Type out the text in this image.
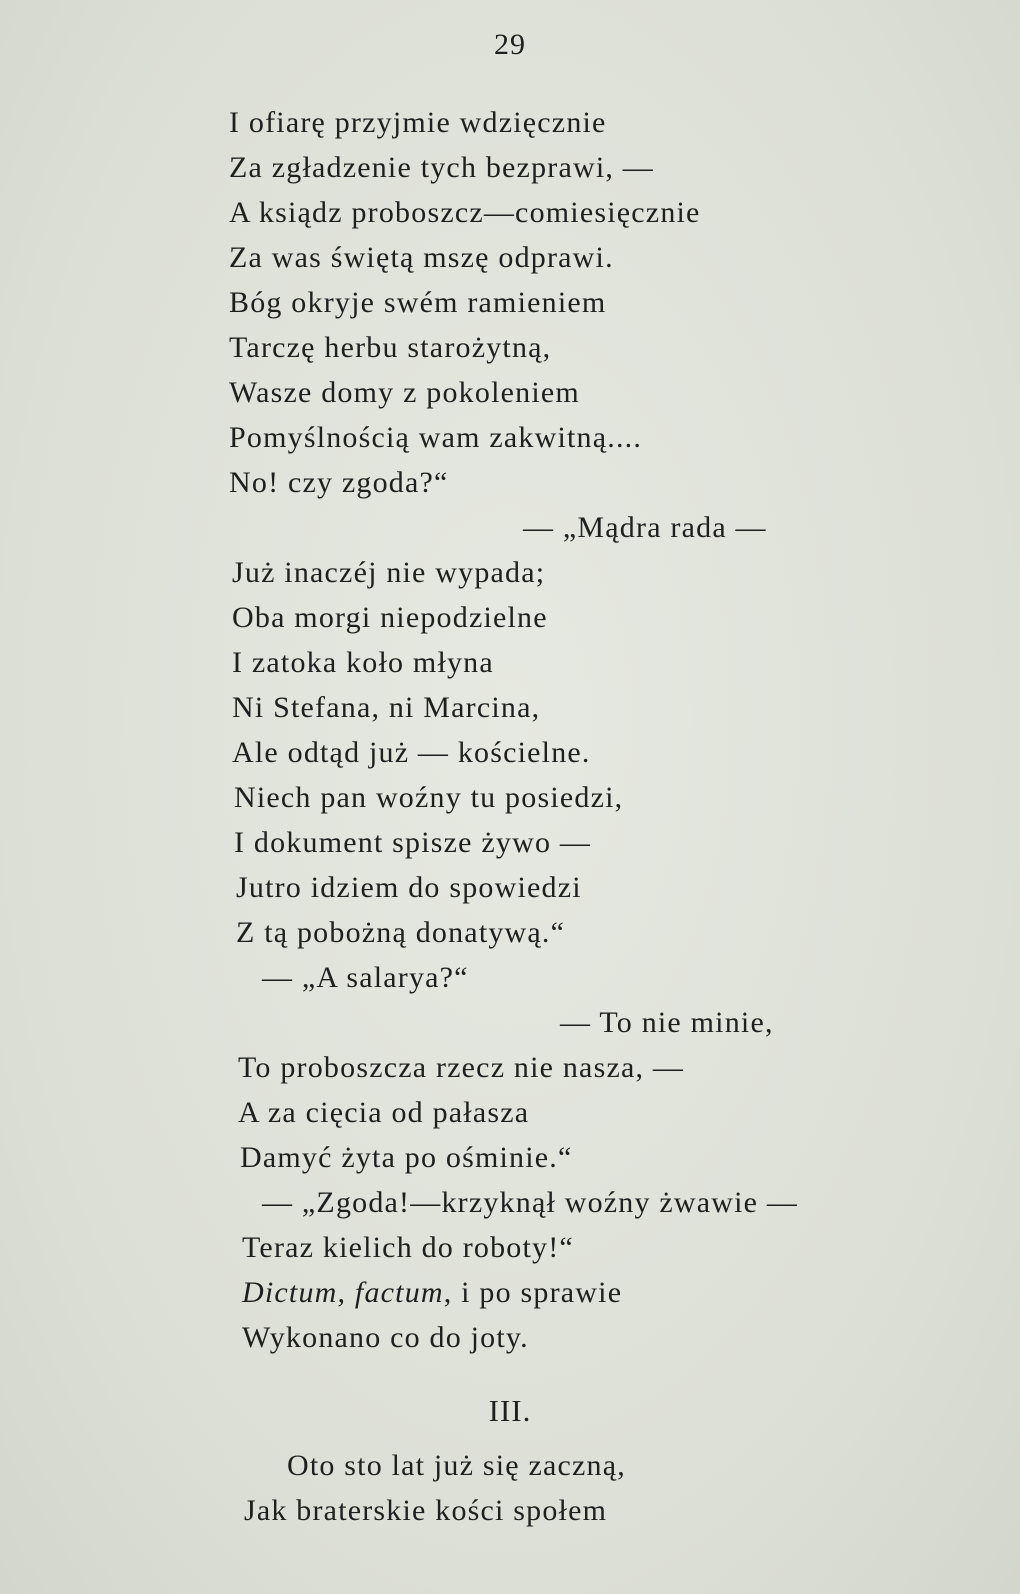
29
I ofiarę przyjmie wdzięcznie
Za zgładzenie tych bezprawi, —
A ksiądz proboszcz—comiesięcznie
Za was świętą mszę odprawi.
Bóg okryje swém ramieniem
Tarczę herbu starożytną,
Wasze domy z pokoleniem
Pomyślnością wam zakwitną....
No! czy zgoda?“
— „Mądra rada —
Już inaczéj nie wypada;
Oba morgi niepodzielne
I zatoka koło młyna
Ni Stefana, ni Marcina,
Ale odtąd już — kościelne.
Niech pan woźny tu posiedzi,
I dokument spisze żywo —
Jutro idziem do spowiedzi
Z tą pobożną donatywą.“
— „A salarya?“
— To nie minie,
To proboszcza rzecz nie nasza, —
A za cięcia od pałasza
Damyć żyta po ośminie.“
— „Zgoda!—krzyknął woźny żwawie —
Teraz kielich do roboty!“
Dictum, factum, i po sprawie
Wykonano co do joty.
III.
Oto sto lat już się zaczną,
Jak braterskie kości społem
